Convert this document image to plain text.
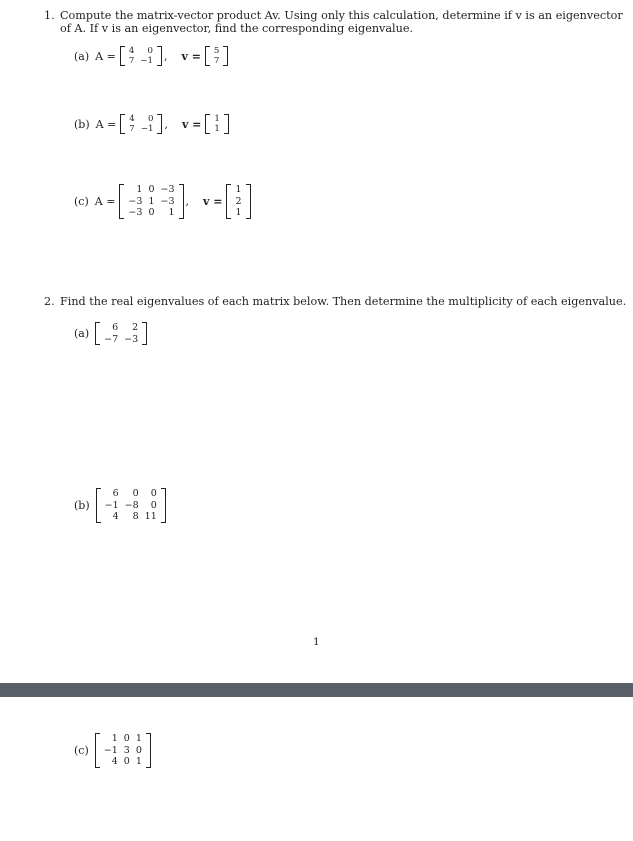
1. Compute the matrix-vector product Av. Using only this calculation, determine if v is an eigenvector
of A. If v is an eigenvector, find the corresponding eigenvalue.
(a) A = 4	0
7	−1 , v = 5
7
(b) A = 4	0
7	−1 , v = 1
1
(c) A =
1	0	−3
−3	1	−3
−3	0	1
, v =
1
2
1
2. Find the real eigenvalues of each matrix below. Then determine the multiplicity of each eigenvalue.
(a) 6	2
−7	−3
(b)
6	0	0
−1	−8	0
4	8	11
1
(c)
1	0	1
−1	3	0
4	0	1
